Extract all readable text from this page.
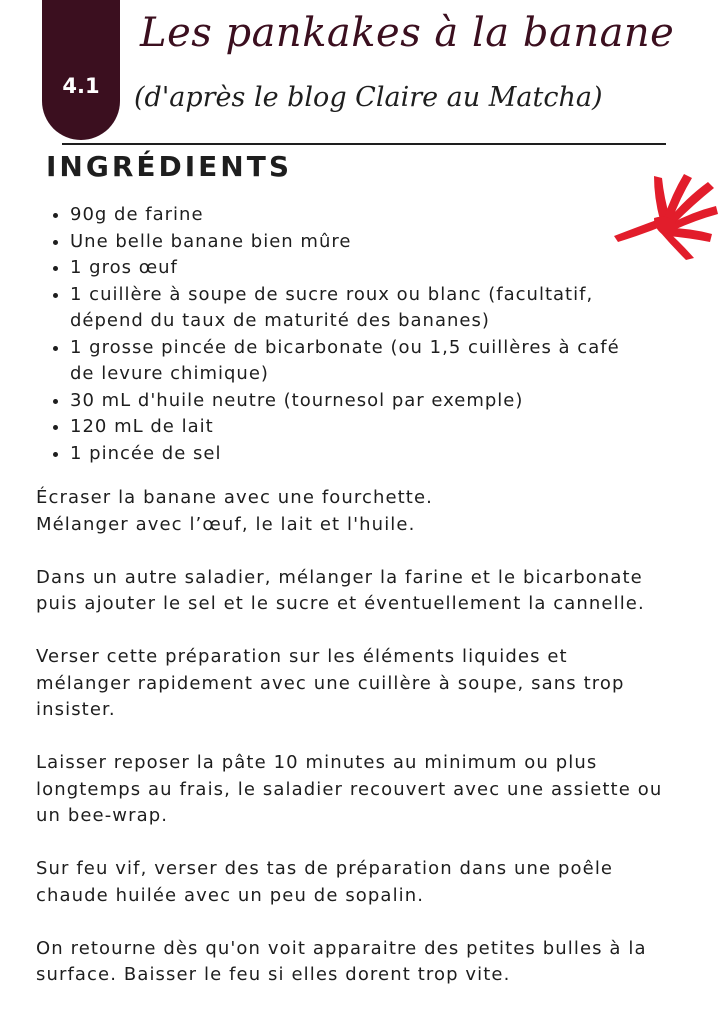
4.1
Les pankakes à la banane
(d'après le blog Claire au Matcha)
INGRÉDIENTS
• 90g de farine
• Une belle banane bien mûre
• 1 gros œuf
• 1 cuillère à soupe de sucre roux ou blanc (facultatif,
dépend du taux de maturité des bananes)
• 1 grosse pincée de bicarbonate (ou 1,5 cuillères à café
de levure chimique)
• 30 mL d'huile neutre (tournesol par exemple)
• 120 mL de lait
• 1 pincée de sel

Écraser la banane avec une fourchette.
Mélanger avec l’œuf, le lait et l'huile.

Dans un autre saladier, mélanger la farine et le bicarbonate
puis ajouter le sel et le sucre et éventuellement la cannelle.

Verser cette préparation sur les éléments liquides et
mélanger rapidement avec une cuillère à soupe, sans trop
insister.

Laisser reposer la pâte 10 minutes au minimum ou plus
longtemps au frais, le saladier recouvert avec une assiette ou
un bee-wrap.

Sur feu vif, verser des tas de préparation dans une poêle
chaude huilée avec un peu de sopalin.

On retourne dès qu'on voit apparaitre des petites bulles à la
surface. Baisser le feu si elles dorent trop vite.
